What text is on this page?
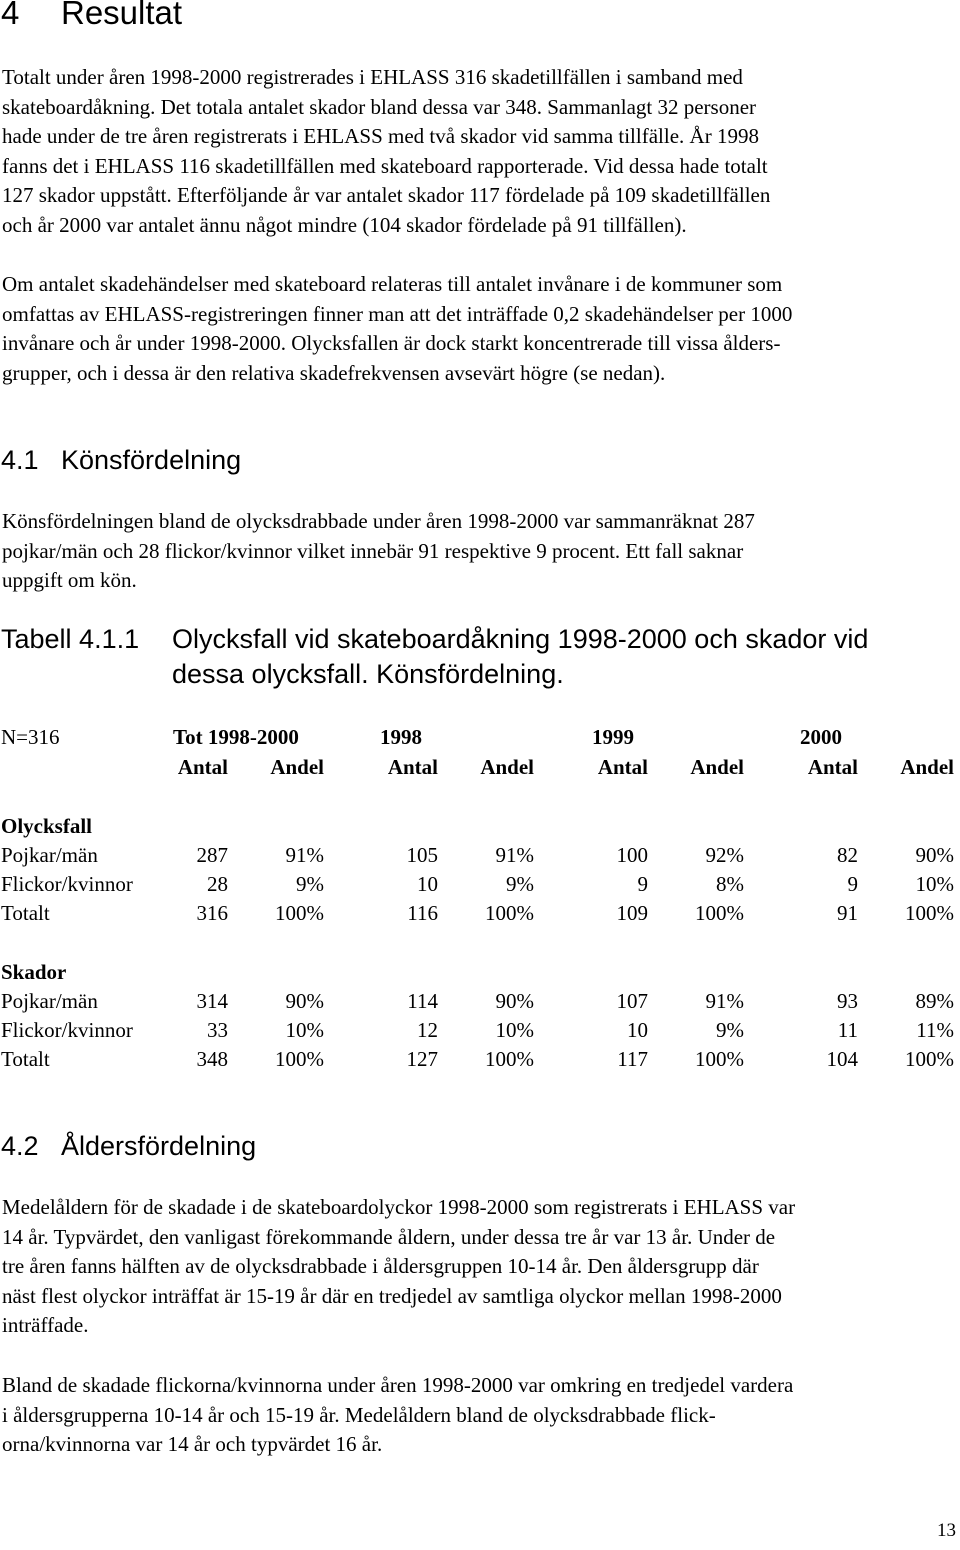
4 Resultat
Totalt under åren 1998-2000 registrerades i EHLASS 316 skadetillfällen i samband med
skateboardåkning. Det totala antalet skador bland dessa var 348. Sammanlagt 32 personer
hade under de tre åren registrerats i EHLASS med två skador vid samma tillfälle. År 1998
fanns det i EHLASS 116 skadetillfällen med skateboard rapporterade. Vid dessa hade totalt
127 skador uppstått. Efterföljande år var antalet skador 117 fördelade på 109 skadetillfällen
och år 2000 var antalet ännu något mindre (104 skador fördelade på 91 tillfällen).
Om antalet skadehändelser med skateboard relateras till antalet invånare i de kommuner som
omfattas av EHLASS-registreringen finner man att det inträffade 0,2 skadehändelser per 1000
invånare och år under 1998-2000. Olycksfallen är dock starkt koncentrerade till vissa ålders-
grupper, och i dessa är den relativa skadefrekvensen avsevärt högre (se nedan).
4.1 Könsfördelning
Könsfördelningen bland de olycksdrabbade under åren 1998-2000 var sammanräknat 287
pojkar/män och 28 flickor/kvinnor vilket innebär 91 respektive 9 procent. Ett fall saknar
uppgift om kön.
Tabell 4.1.1 Olycksfall vid skateboardåkning 1998-2000 och skador vid
dessa olycksfall. Könsfördelning.
N=316	Tot 1998-2000	1998	1999	2000
Antal	Andel	Antal	Andel	Antal	Andel	Antal	Andel
Olycksfall
Pojkar/män	287	91%	105	91%	100	92%	82	90%
Flickor/kvinnor	28	9%	10	9%	9	8%	9	10%
Totalt	316	100%	116	100%	109	100%	91	100%
Skador
Pojkar/män	314	90%	114	90%	107	91%	93	89%
Flickor/kvinnor	33	10%	12	10%	10	9%	11	11%
Totalt	348	100%	127	100%	117	100%	104	100%
4.2 Åldersfördelning
Medelåldern för de skadade i de skateboardolyckor 1998-2000 som registrerats i EHLASS var
14 år. Typvärdet, den vanligast förekommande åldern, under dessa tre år var 13 år. Under de
tre åren fanns hälften av de olycksdrabbade i åldersgruppen 10-14 år. Den åldersgrupp där
näst flest olyckor inträffat är 15-19 år där en tredjedel av samtliga olyckor mellan 1998-2000
inträffade.
Bland de skadade flickorna/kvinnorna under åren 1998-2000 var omkring en tredjedel vardera
i åldersgrupperna 10-14 år och 15-19 år. Medelåldern bland de olycksdrabbade flick-
orna/kvinnorna var 14 år och typvärdet 16 år.
13
